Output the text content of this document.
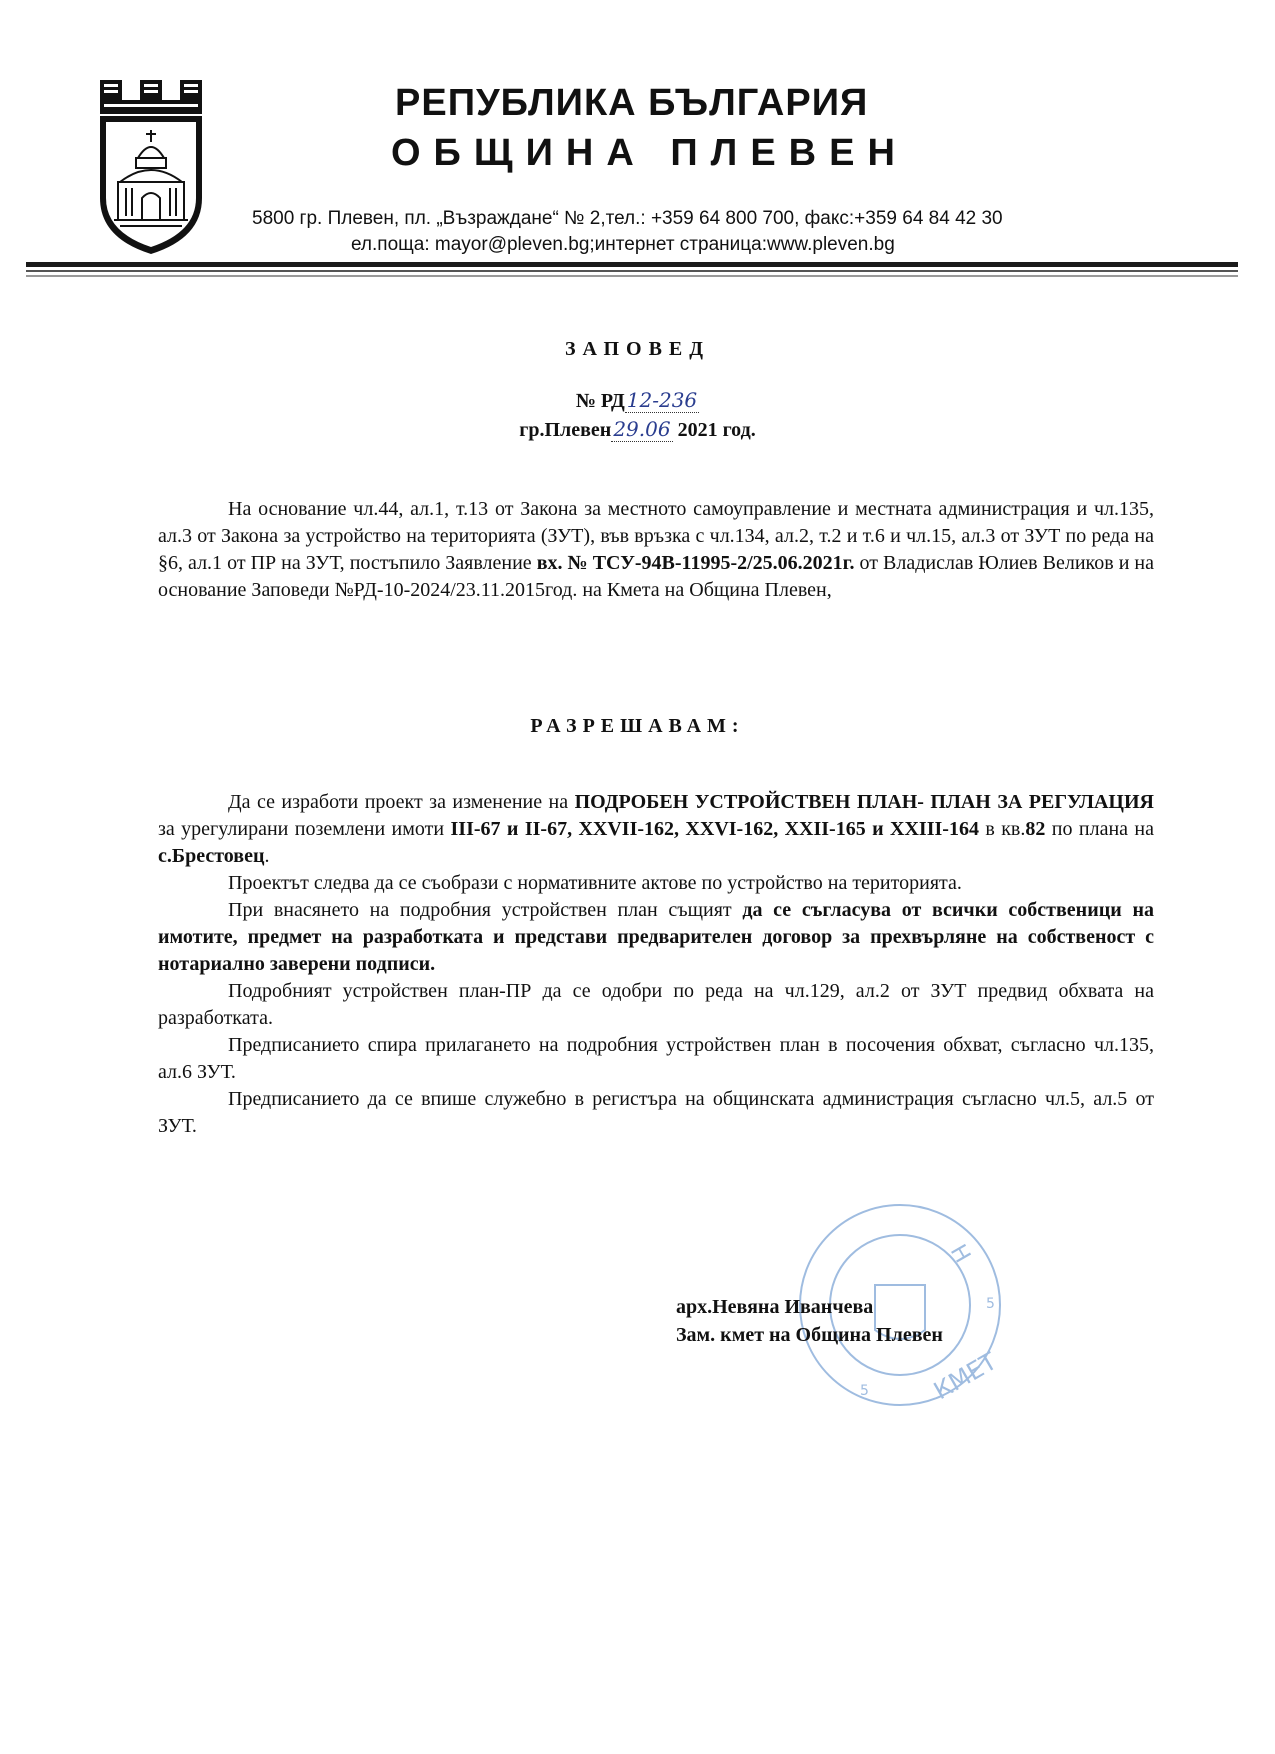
РЕПУБЛИКА БЪЛГАРИЯ
ОБЩИНА ПЛЕВЕН
5800 гр. Плевен, пл. „Възраждане“ № 2,тел.: +359 64 800 700, факс:+359 64 84 42 30
ел.поща: mayor@pleven.bg;интернет страница:www.pleven.bg
ЗАПОВЕД
№ РД 12-236
гр.Плевен 29.06 2021 год.
На основание чл.44, ал.1, т.13 от Закона за местното самоуправление и местната администрация и чл.135, ал.3 от Закона за устройство на територията (ЗУТ), във връзка с чл.134, ал.2, т.2 и т.6 и чл.15, ал.3 от ЗУТ по реда на §6, ал.1 от ПР на ЗУТ, постъпило Заявление вх. № ТСУ-94В-11995-2/25.06.2021г. от Владислав Юлиев Великов и на основание Заповеди №РД-10-2024/23.11.2015год. на Кмета на Община Плевен,
РАЗРЕШАВАМ:
Да се изработи проект за изменение на ПОДРОБЕН УСТРОЙСТВЕН ПЛАН- ПЛАН ЗА РЕГУЛАЦИЯ за урегулирани поземлени имоти III-67 и II-67, XXVII-162, XXVI-162, XXII-165 и XXIII-164 в кв.82 по плана на с.Брестовец.
Проектът следва да се съобрази с нормативните актове по устройство на територията.
При внасянето на подробния устройствен план същият да се съгласува от всички собственици на имотите, предмет на разработката и представи предварителен договор за прехвърляне на собственост с нотариално заверени подписи.
Подробният устройствен план-ПР да се одобри по реда на чл.129, ал.2 от ЗУТ предвид обхвата на разработката.
Предписанието спира прилагането на подробния устройствен план в посочения обхват, съгласно чл.135, ал.6 ЗУТ.
Предписанието да се впише служебно в регистъра на общинската администрация съгласно чл.5, ал.5 от ЗУТ.
Н
КМЕТ
5
5
арх.Невяна Иванчева
Зам. кмет на Община Плевен
